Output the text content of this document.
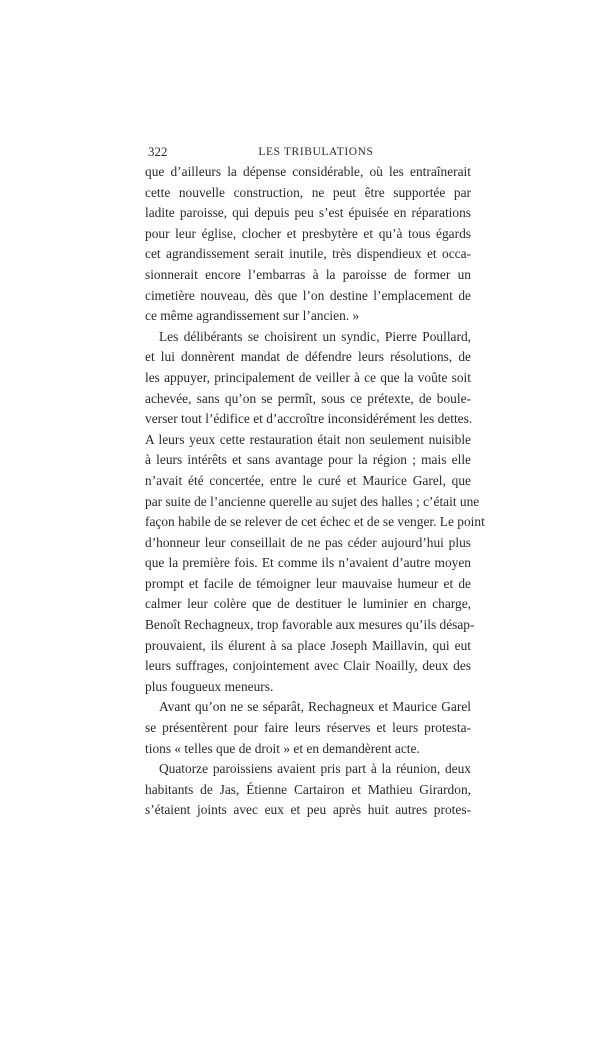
322	LES TRIBULATIONS
que d’ailleurs la dépense considérable, où les entraînerait
cette nouvelle construction, ne peut être supportée par
ladite paroisse, qui depuis peu s’est épuisée en réparations
pour leur église, clocher et presbytère et qu’à tous égards
cet agrandissement serait inutile, très dispendieux et occa-
sionnerait encore l’embarras à la paroisse de former un
cimetière nouveau, dès que l’on destine l’emplacement de
ce même agrandissement sur l’ancien. »
Les délibérants se choisirent un syndic, Pierre Poullard,
et lui donnèrent mandat de défendre leurs résolutions, de
les appuyer, principalement de veiller à ce que la voûte soit
achevée, sans qu’on se permît, sous ce prétexte, de boule-
verser tout l’édifice et d’accroître inconsidérément les dettes.
A leurs yeux cette restauration était non seulement nuisible
à leurs intérêts et sans avantage pour la région ; mais elle
n’avait été concertée, entre le curé et Maurice Garel, que
par suite de l’ancienne querelle au sujet des halles ; c’était une
façon habile de se relever de cet échec et de se venger. Le point
d’honneur leur conseillait de ne pas céder aujourd’hui plus
que la première fois. Et comme ils n’avaient d’autre moyen
prompt et facile de témoigner leur mauvaise humeur et de
calmer leur colère que de destituer le luminier en charge,
Benoît Rechagneux, trop favorable aux mesures qu’ils désap-
prouvaient, ils élurent à sa place Joseph Maillavin, qui eut
leurs suffrages, conjointement avec Clair Noailly, deux des
plus fougueux meneurs.
Avant qu’on ne se séparât, Rechagneux et Maurice Garel
se présentèrent pour faire leurs réserves et leurs protesta-
tions « telles que de droit » et en demandèrent acte.
Quatorze paroissiens avaient pris part à la réunion, deux
habitants de Jas, Étienne Cartairon et Mathieu Girardon,
s’étaient joints avec eux et peu après huit autres protes-
